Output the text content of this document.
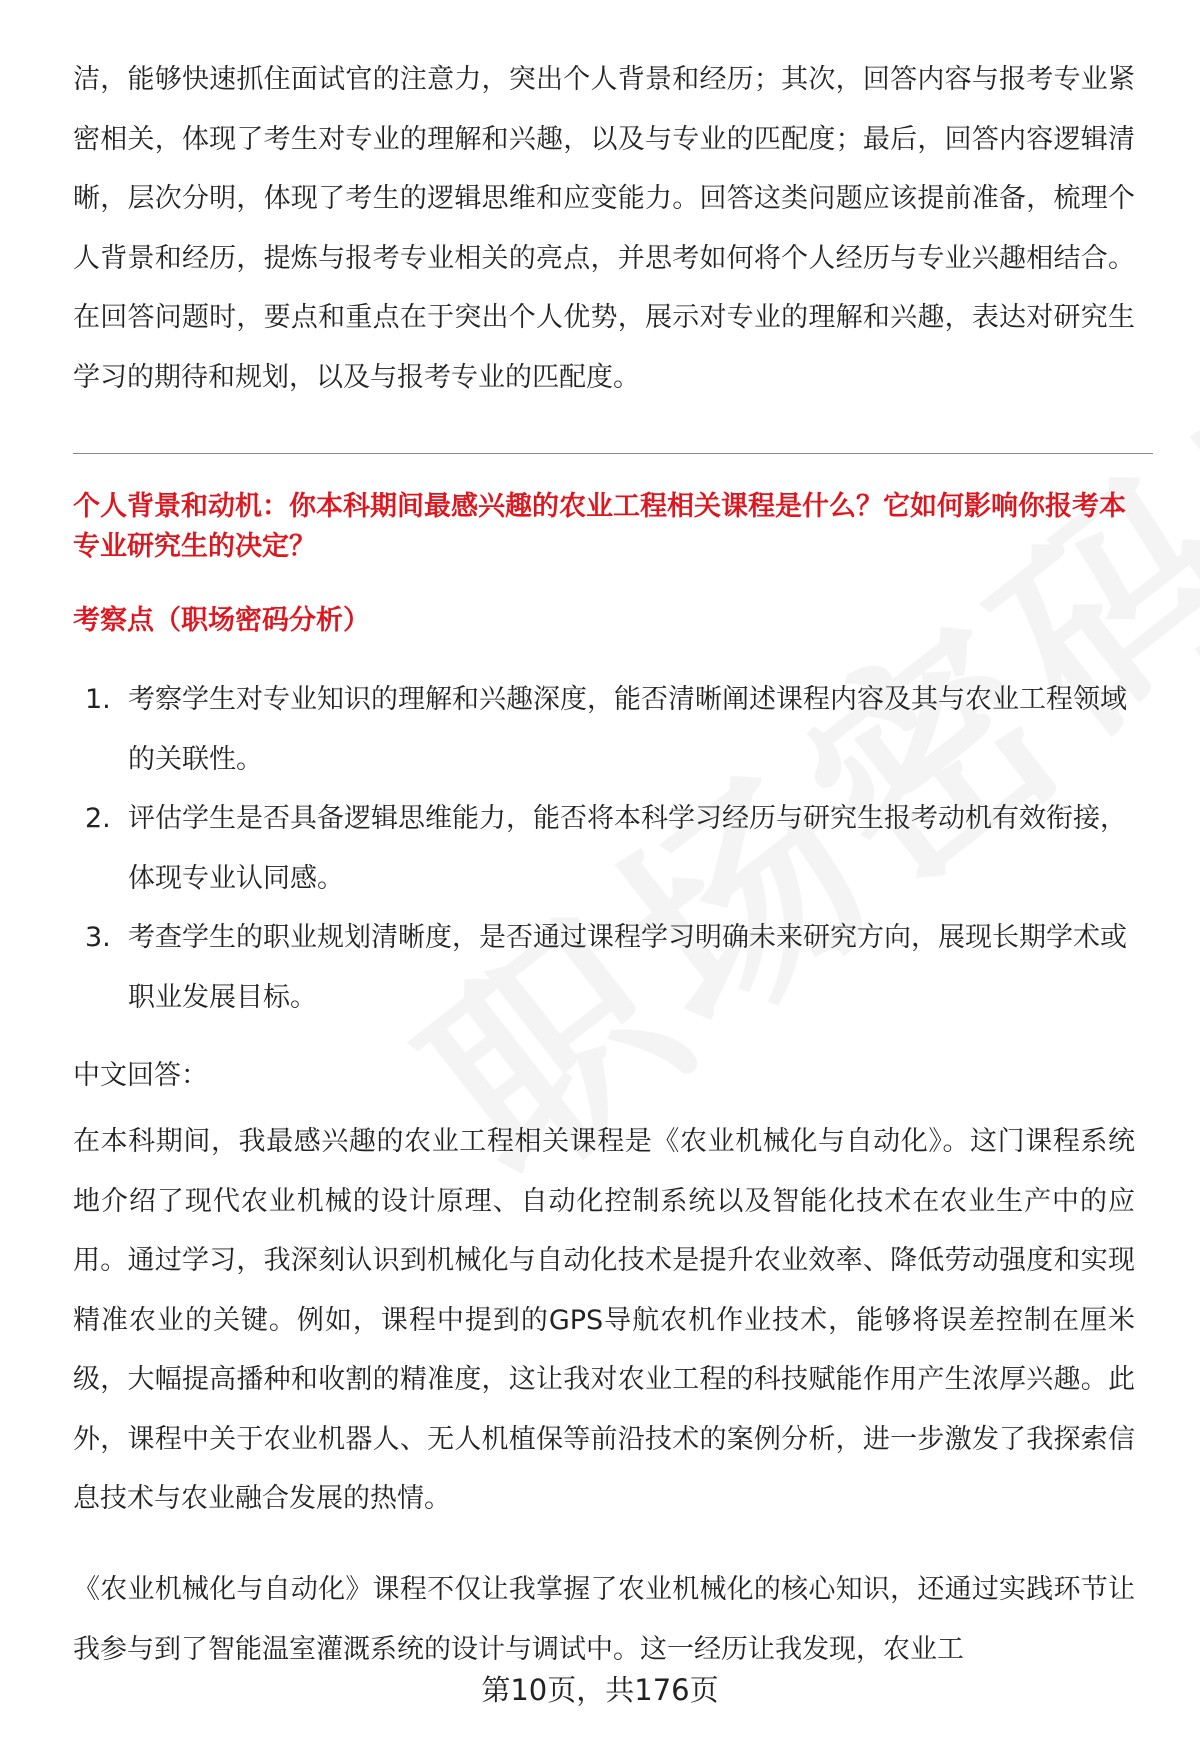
洁，能够快速抓住面试官的注意力，突出个人背景和经历；其次，回答内容与报考专业紧密相关，体现了考生对专业的理解和兴趣，以及与专业的匹配度；最后，回答内容逻辑清晰，层次分明，体现了考生的逻辑思维和应变能力。回答这类问题应该提前准备，梳理个人背景和经历，提炼与报考专业相关的亮点，并思考如何将个人经历与专业兴趣相结合。在回答问题时，要点和重点在于突出个人优势，展示对专业的理解和兴趣，表达对研究生学习的期待和规划，以及与报考专业的匹配度。

个人背景和动机：你本科期间最感兴趣的农业工程相关课程是什么？它如何影响你报考本专业研究生的决定？

考察点（职场密码分析）

1. 考察学生对专业知识的理解和兴趣深度，能否清晰阐述课程内容及其与农业工程领域的关联性。
2. 评估学生是否具备逻辑思维能力，能否将本科学习经历与研究生报考动机有效衔接，体现专业认同感。
3. 考查学生的职业规划清晰度，是否通过课程学习明确未来研究方向，展现长期学术或职业发展目标。

中文回答：

在本科期间，我最感兴趣的农业工程相关课程是《农业机械化与自动化》。这门课程系统地介绍了现代农业机械的设计原理、自动化控制系统以及智能化技术在农业生产中的应用。通过学习，我深刻认识到机械化与自动化技术是提升农业效率、降低劳动强度和实现精准农业的关键。例如，课程中提到的GPS导航农机作业技术，能够将误差控制在厘米级，大幅提高播种和收割的精准度，这让我对农业工程的科技赋能作用产生浓厚兴趣。此外，课程中关于农业机器人、无人机植保等前沿技术的案例分析，进一步激发了我探索信息技术与农业融合发展的热情。

《农业机械化与自动化》课程不仅让我掌握了农业机械化的核心知识，还通过实践环节让我参与到了智能温室灌溉系统的设计与调试中。这一经历让我发现，农业工

第10页，共176页
